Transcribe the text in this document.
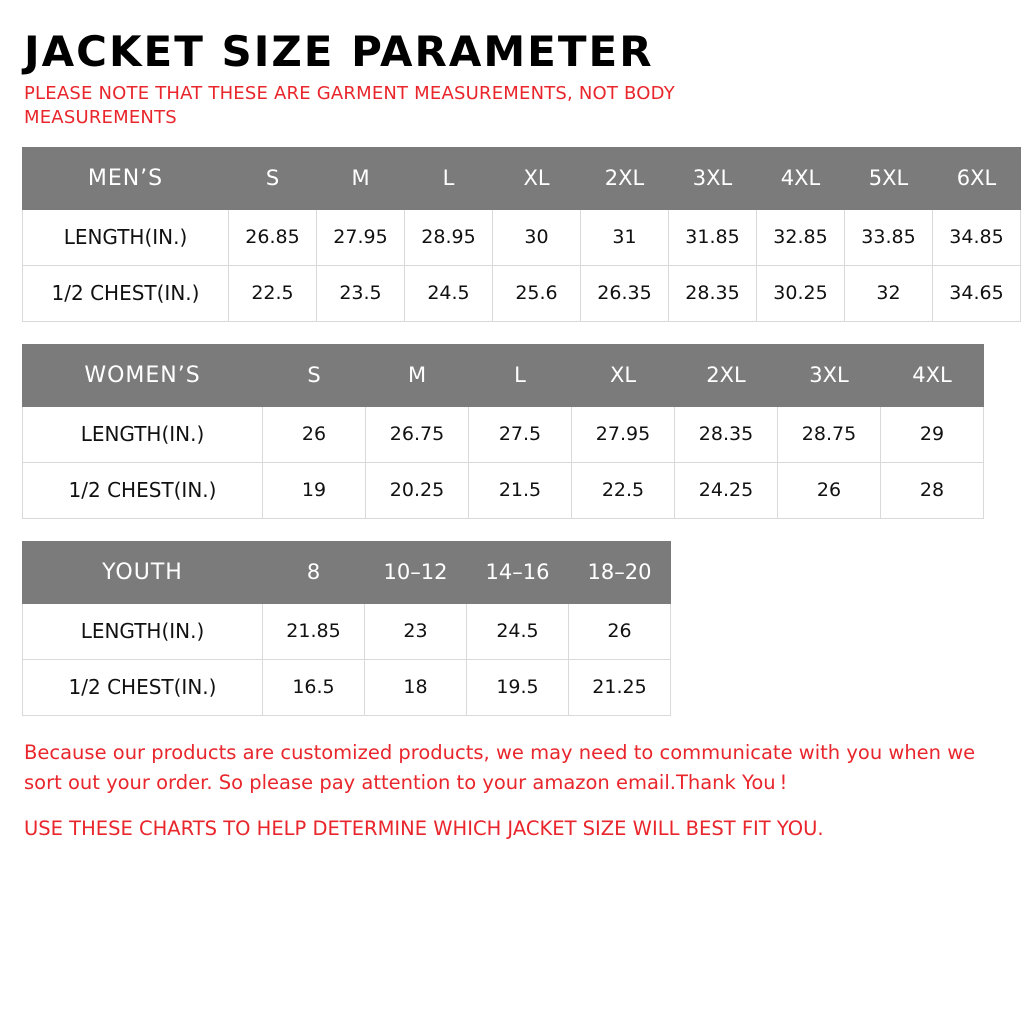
JACKET SIZE PARAMETER
PLEASE NOTE THAT THESE ARE GARMENT MEASUREMENTS, NOT BODY MEASUREMENTS
MEN’S	S	M	L	XL	2XL	3XL	4XL	5XL	6XL
LENGTH(IN.)	26.85	27.95	28.95	30	31	31.85	32.85	33.85	34.85
1/2 CHEST(IN.)	22.5	23.5	24.5	25.6	26.35	28.35	30.25	32	34.65
WOMEN’S	S	M	L	XL	2XL	3XL	4XL
LENGTH(IN.)	26	26.75	27.5	27.95	28.35	28.75	29
1/2 CHEST(IN.)	19	20.25	21.5	22.5	24.25	26	28
YOUTH	8	10–12	14–16	18–20
LENGTH(IN.)	21.85	23	24.5	26
1/2 CHEST(IN.)	16.5	18	19.5	21.25
Because our products are customized products, we may need to communicate with you when we sort out your order. So please pay attention to your amazon email.Thank You !
USE THESE CHARTS TO HELP DETERMINE WHICH JACKET SIZE WILL BEST FIT YOU.
